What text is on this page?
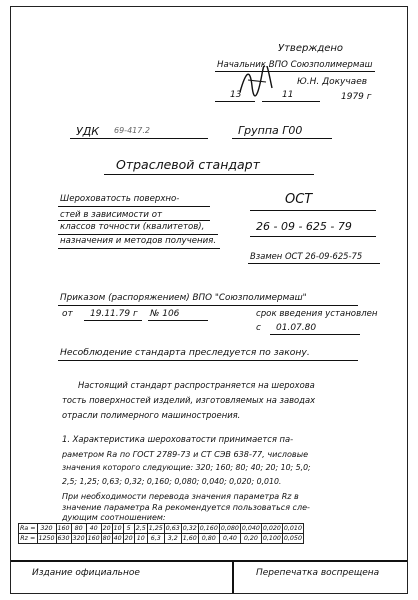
Утверждено
Начальник ВПО Союзполимермаш
Ю.Н. Докучаев
13	11	1979 г
УДК 69-417.2	Группа Г00
Отраслевой стандарт
Шероховатость поверхно-
стей в зависимости от
классов точности (квалитетов),
назначения и методов получения.
ОСТ
26 - 09 - 625 - 79
Взамен ОСТ 26-09-625-75
Приказом (распоряжением) ВПО "Союзполимермаш"
от 19.11.79 г № 106	срок введения установлен
с 01.07.80
Несоблюдение стандарта преследуется по закону.
Настоящий стандарт распространяется на шерохова
тость поверхностей изделий, изготовляемых на заводах
отрасли полимерного машиностроения.
1. Характеристика шероховатости принимается па-
раметром Ra по ГОСТ 2789-73 и СТ СЭВ 638-77, числовые
значения которого следующие: 320; 160; 80; 40; 20; 10; 5,0;
2,5; 1,25; 0,63; 0,32; 0,160; 0,080; 0,040; 0,020; 0,010.
При необходимости перевода значения параметра Rz в
значение параметра Ra рекомендуется пользоваться сле-
дующим соотношением:
Ra =	320	160	80	40	20	10	5	2,5	1,25	0,63	0,32	0,160	0,080	0,040	0,020	0,010
Rz =	1250	630	320	160	80	40	20	10	6,3	3,2	1,60	0,80	0,40	0,20	0,100	0,050
Издание официальное	Перепечатка воспрещена
